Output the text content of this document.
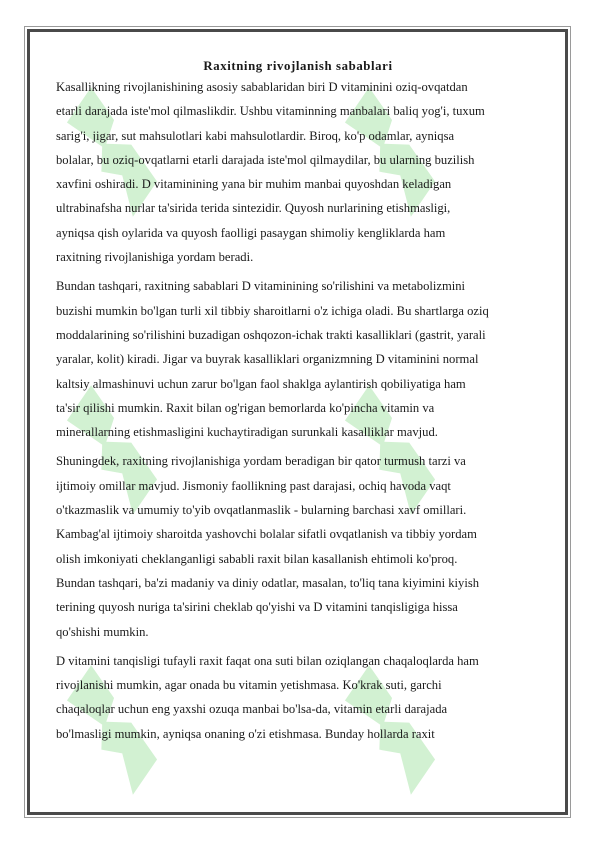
Raxitning rivojlanish sabablari

Kasallikning rivojlanishining asosiy sabablaridan biri D vitaminini oziq-ovqatdan
etarli darajada iste'mol qilmaslikdir. Ushbu vitaminning manbalari baliq yog'i, tuxum
sarig'i, jigar, sut mahsulotlari kabi mahsulotlardir. Biroq, ko'p odamlar, ayniqsa
bolalar, bu oziq-ovqatlarni etarli darajada iste'mol qilmaydilar, bu ularning buzilish
xavfini oshiradi. D vitaminining yana bir muhim manbai quyoshdan keladigan
ultrabinafsha nurlar ta'sirida terida sintezidir. Quyosh nurlarining etishmasligi,
ayniqsa qish oylarida va quyosh faolligi pasaygan shimoliy kengliklarda ham
raxitning rivojlanishiga yordam beradi.

Bundan tashqari, raxitning sabablari D vitaminining so'rilishini va metabolizmini
buzishi mumkin bo'lgan turli xil tibbiy sharoitlarni o'z ichiga oladi. Bu shartlarga oziq
moddalarining so'rilishini buzadigan oshqozon-ichak trakti kasalliklari (gastrit, yarali
yaralar, kolit) kiradi. Jigar va buyrak kasalliklari organizmning D vitaminini normal
kaltsiy almashinuvi uchun zarur bo'lgan faol shaklga aylantirish qobiliyatiga ham
ta'sir qilishi mumkin. Raxit bilan og'rigan bemorlarda ko'pincha vitamin va
minerallarning etishmasligini kuchaytiradigan surunkali kasalliklar mavjud.

Shuningdek, raxitning rivojlanishiga yordam beradigan bir qator turmush tarzi va
ijtimoiy omillar mavjud. Jismoniy faollikning past darajasi, ochiq havoda vaqt
o'tkazmaslik va umumiy to'yib ovqatlanmaslik - bularning barchasi xavf omillari.
Kambag'al ijtimoiy sharoitda yashovchi bolalar sifatli ovqatlanish va tibbiy yordam
olish imkoniyati cheklanganligi sababli raxit bilan kasallanish ehtimoli ko'proq.
Bundan tashqari, ba'zi madaniy va diniy odatlar, masalan, to'liq tana kiyimini kiyish
terining quyosh nuriga ta'sirini cheklab qo'yishi va D vitamini tanqisligiga hissa
qo'shishi mumkin.

D vitamini tanqisligi tufayli raxit faqat ona suti bilan oziqlangan chaqaloqlarda ham
rivojlanishi mumkin, agar onada bu vitamin yetishmasa. Ko'krak suti, garchi
chaqaloqlar uchun eng yaxshi ozuqa manbai bo'lsa-da, vitamin etarli darajada
bo'lmasligi mumkin, ayniqsa onaning o'zi etishmasa. Bunday hollarda raxit
